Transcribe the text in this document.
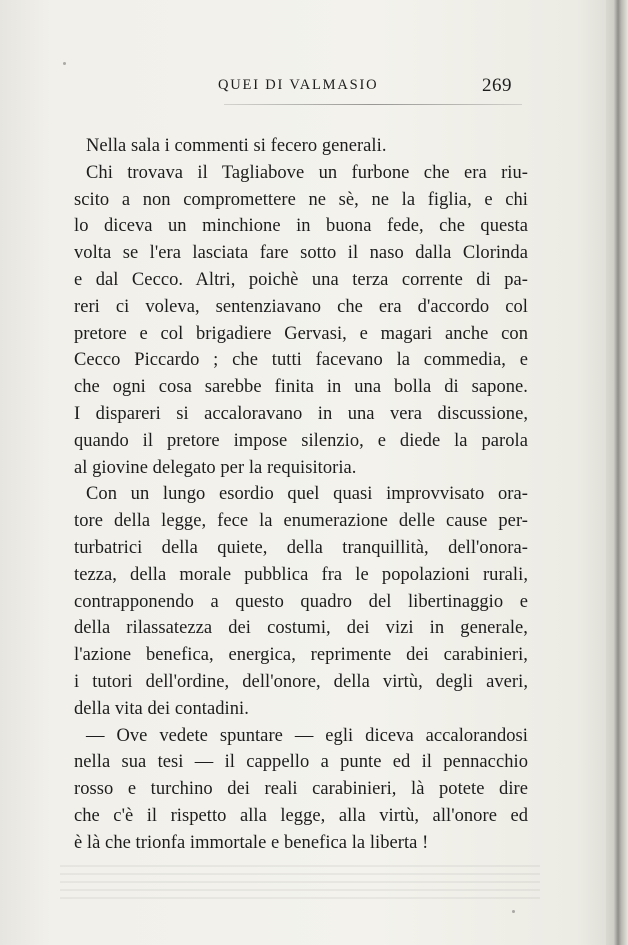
QUEI DI VALMASIO	269
Nella sala i commenti si fecero generali.
Chi trovava il Tagliabove un furbone che era riu-
scito a non compromettere ne sè, ne la figlia, e chi
lo diceva un minchione in buona fede, che questa
volta se l'era lasciata fare sotto il naso dalla Clorinda
e dal Cecco. Altri, poichè una terza corrente di pa-
reri ci voleva, sentenziavano che era d'accordo col
pretore e col brigadiere Gervasi, e magari anche con
Cecco Piccardo ; che tutti facevano la commedia, e
che ogni cosa sarebbe finita in una bolla di sapone.
I dispareri si accaloravano in una vera discussione,
quando il pretore impose silenzio, e diede la parola
al giovine delegato per la requisitoria.
Con un lungo esordio quel quasi improvvisato ora-
tore della legge, fece la enumerazione delle cause per-
turbatrici della quiete, della tranquillità, dell'onora-
tezza, della morale pubblica fra le popolazioni rurali,
contrapponendo a questo quadro del libertinaggio e
della rilassatezza dei costumi, dei vizi in generale,
l'azione benefica, energica, reprimente dei carabinieri,
i tutori dell'ordine, dell'onore, della virtù, degli averi,
della vita dei contadini.
— Ove vedete spuntare — egli diceva accalorandosi
nella sua tesi — il cappello a punte ed il pennacchio
rosso e turchino dei reali carabinieri, là potete dire
che c'è il rispetto alla legge, alla virtù, all'onore ed
è là che trionfa immortale e benefica la liberta !
